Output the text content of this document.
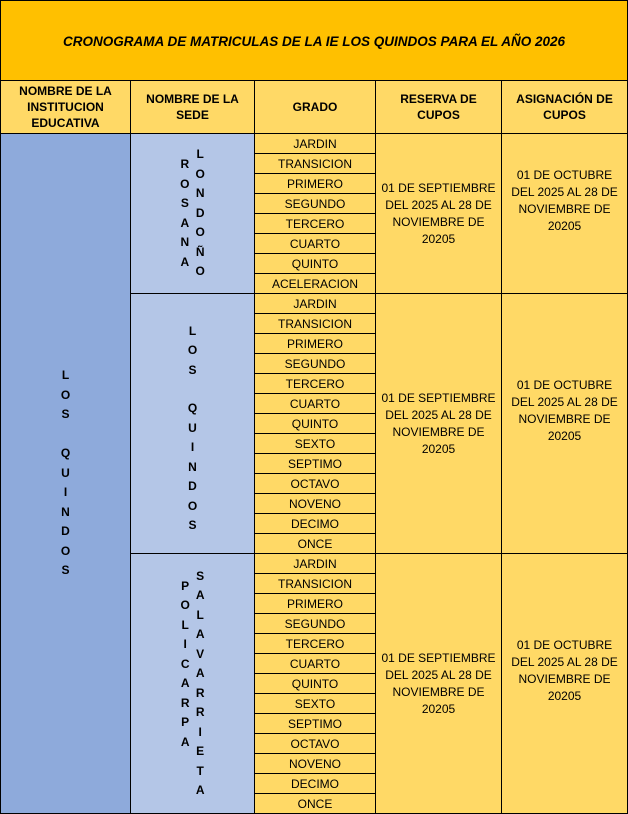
CRONOGRAMA DE MATRICULAS DE LA IE LOS QUINDOS PARA EL AÑO 2026
NOMBRE DE LA INSTITUCION EDUCATIVA
NOMBRE DE LA SEDE
GRADO
RESERVA DE CUPOS
ASIGNACIÓN DE CUPOS
L
O
S

Q
U
I
N
D
O
S
R
O
S
A
N
A
L
O
N
D
O
Ñ
O
JARDIN
TRANSICION
PRIMERO
SEGUNDO
TERCERO
CUARTO
QUINTO
ACELERACION
01 DE SEPTIEMBRE DEL 2025 AL 28 DE NOVIEMBRE DE 20205
01 DE OCTUBRE DEL 2025 AL 28 DE NOVIEMBRE DE 20205
L
O
S
Q
U
I
N
D
O
S
JARDIN
TRANSICION
PRIMERO
SEGUNDO
TERCERO
CUARTO
QUINTO
SEXTO
SEPTIMO
OCTAVO
NOVENO
DECIMO
ONCE
01 DE SEPTIEMBRE DEL 2025 AL 28 DE NOVIEMBRE DE 20205
01 DE OCTUBRE DEL 2025 AL 28 DE NOVIEMBRE DE 20205
P
O
L
I
C
A
R
P
A
S
A
L
A
V
A
R
R
I
E
T
A
JARDIN
TRANSICION
PRIMERO
SEGUNDO
TERCERO
CUARTO
QUINTO
SEXTO
SEPTIMO
OCTAVO
NOVENO
DECIMO
ONCE
01 DE SEPTIEMBRE DEL 2025 AL 28 DE NOVIEMBRE DE 20205
01 DE OCTUBRE DEL 2025 AL 28 DE NOVIEMBRE DE 20205
